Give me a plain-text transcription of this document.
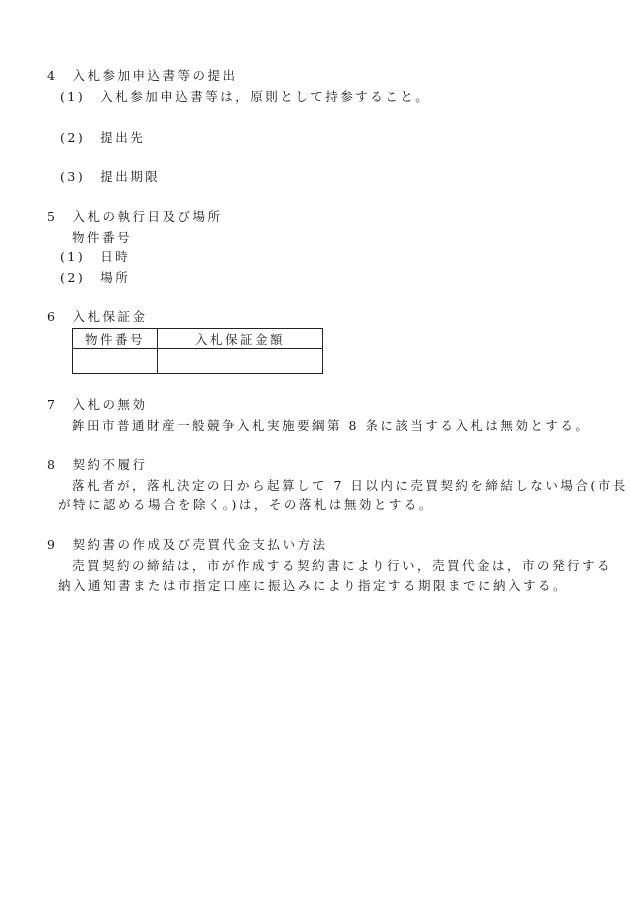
4　入札参加申込書等の提出
(1)　入札参加申込書等は，原則として持参すること。
(2)　提出先
(3)　提出期限
5　入札の執行日及び場所
物件番号
(1)　日時
(2)　場所
6　入札保証金
物件番号	入札保証金額

7　入札の無効
鉾田市普通財産一般競争入札実施要綱第 8 条に該当する入札は無効とする。
8　契約不履行
落札者が，落札決定の日から起算して 7 日以内に売買契約を締結しない場合(市長
が特に認める場合を除く。)は，その落札は無効とする。
9　契約書の作成及び売買代金支払い方法
売買契約の締結は，市が作成する契約書により行い，売買代金は，市の発行する
納入通知書または市指定口座に振込みにより指定する期限までに納入する。
